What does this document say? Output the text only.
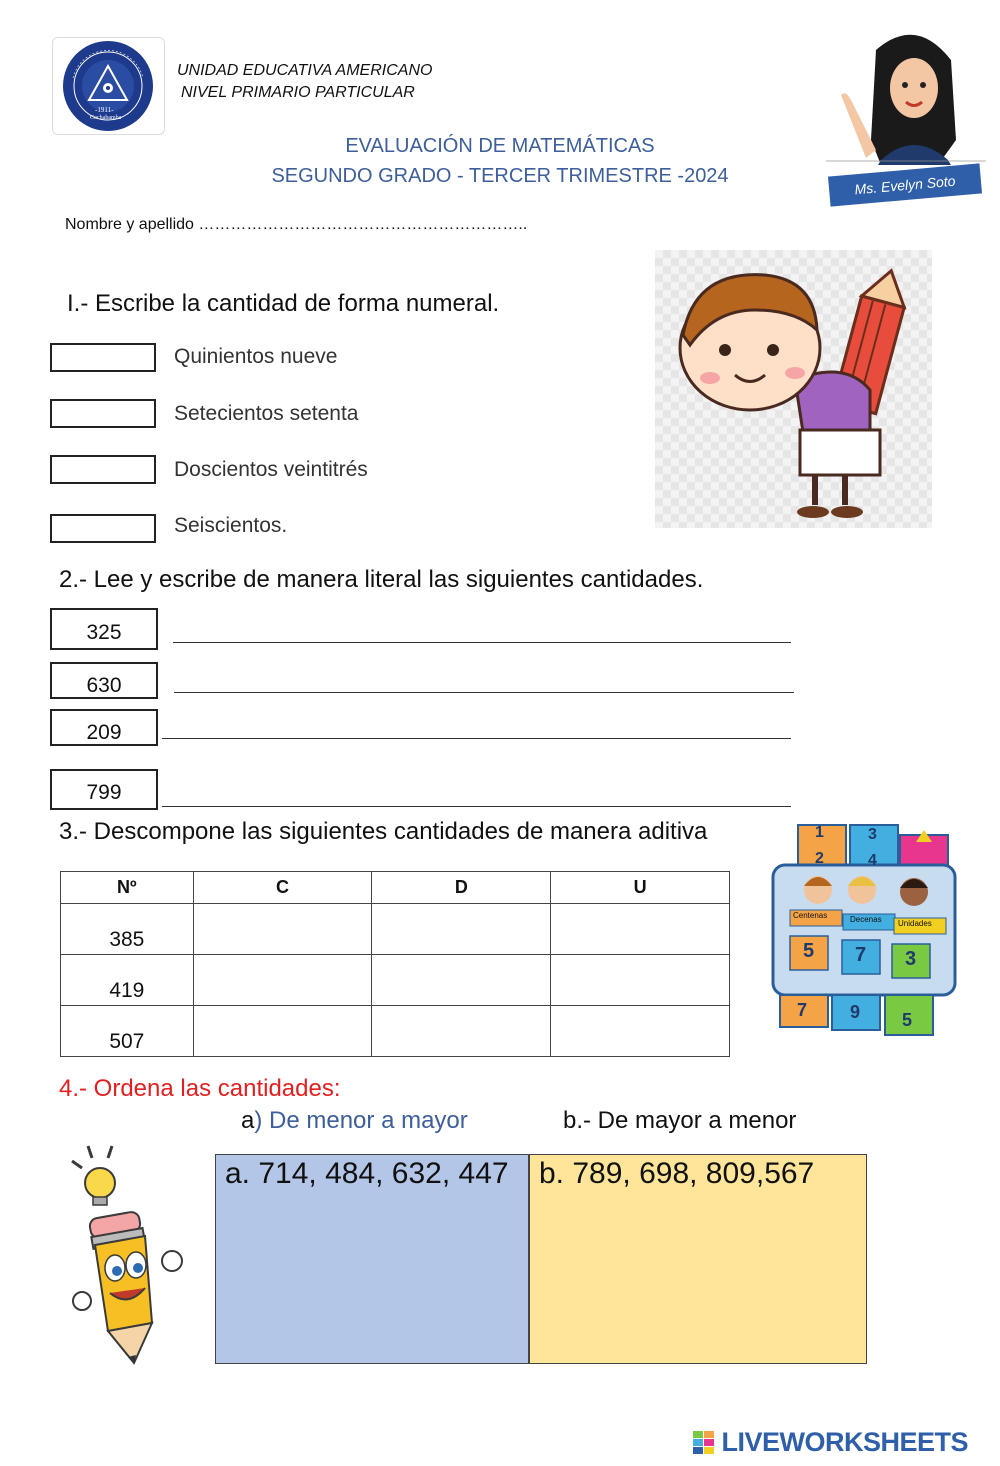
-1911-
Cochabamba
UNIDAD EDUCATIVA AMERICANO
NIVEL PRIMARIO PARTICULAR
EVALUACIÓN DE MATEMÁTICAS
SEGUNDO GRADO - TERCER TRIMESTRE -2024	Ms. Evelyn Soto
Nombre y apellido ……………………………………………………..
I.- Escribe la cantidad de forma numeral.
Quinientos nueve
Setecientos setenta
Doscientos veintitrés
Seiscientos.
2.- Lee y escribe de manera literal las siguientes cantidades.
325
630
209
799
3.- Descompone las siguientes cantidades de manera aditiva
Nº	C	D	U
385			
419			
507			
1	3
2	4
Centenas	Decenas Unidades
5 7 3
7 9 5
4.- Ordena las cantidades:
a) De menor a mayor	b.- De mayor a menor
a. 714, 484, 632, 447 b. 789, 698, 809,567
LIVEWORKSHEETS
